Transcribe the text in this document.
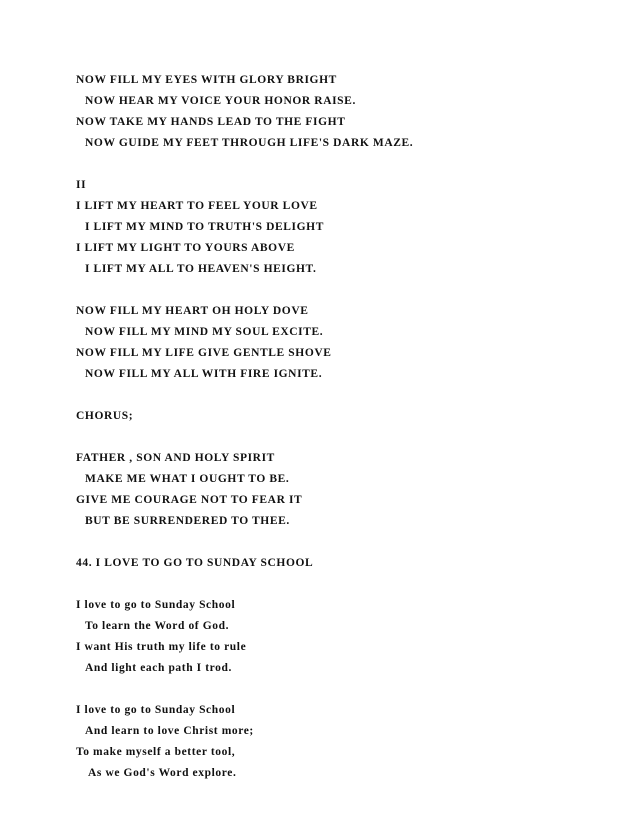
NOW FILL MY EYES WITH GLORY BRIGHT
NOW HEAR MY VOICE YOUR HONOR RAISE.
NOW TAKE MY HANDS LEAD TO THE FIGHT
NOW GUIDE MY FEET THROUGH LIFE'S DARK MAZE.
II
I LIFT MY HEART TO FEEL YOUR LOVE
I LIFT MY MIND TO TRUTH'S DELIGHT
I LIFT MY LIGHT TO YOURS ABOVE
I LIFT MY ALL TO HEAVEN'S HEIGHT.
NOW FILL MY HEART OH HOLY DOVE
NOW FILL MY MIND MY SOUL EXCITE.
NOW FILL MY LIFE GIVE GENTLE SHOVE
NOW FILL MY ALL WITH FIRE IGNITE.
CHORUS;
FATHER , SON AND HOLY SPIRIT
MAKE ME WHAT I OUGHT TO BE.
GIVE ME COURAGE NOT TO FEAR IT
BUT BE SURRENDERED TO THEE.
44. I LOVE TO GO TO SUNDAY SCHOOL
I love to go to Sunday School
To learn the Word of God.
I want His truth my life to rule
And light each path I trod.
I love to go to Sunday School
And learn to love Christ more;
To make myself a better tool,
As we God's Word explore.
